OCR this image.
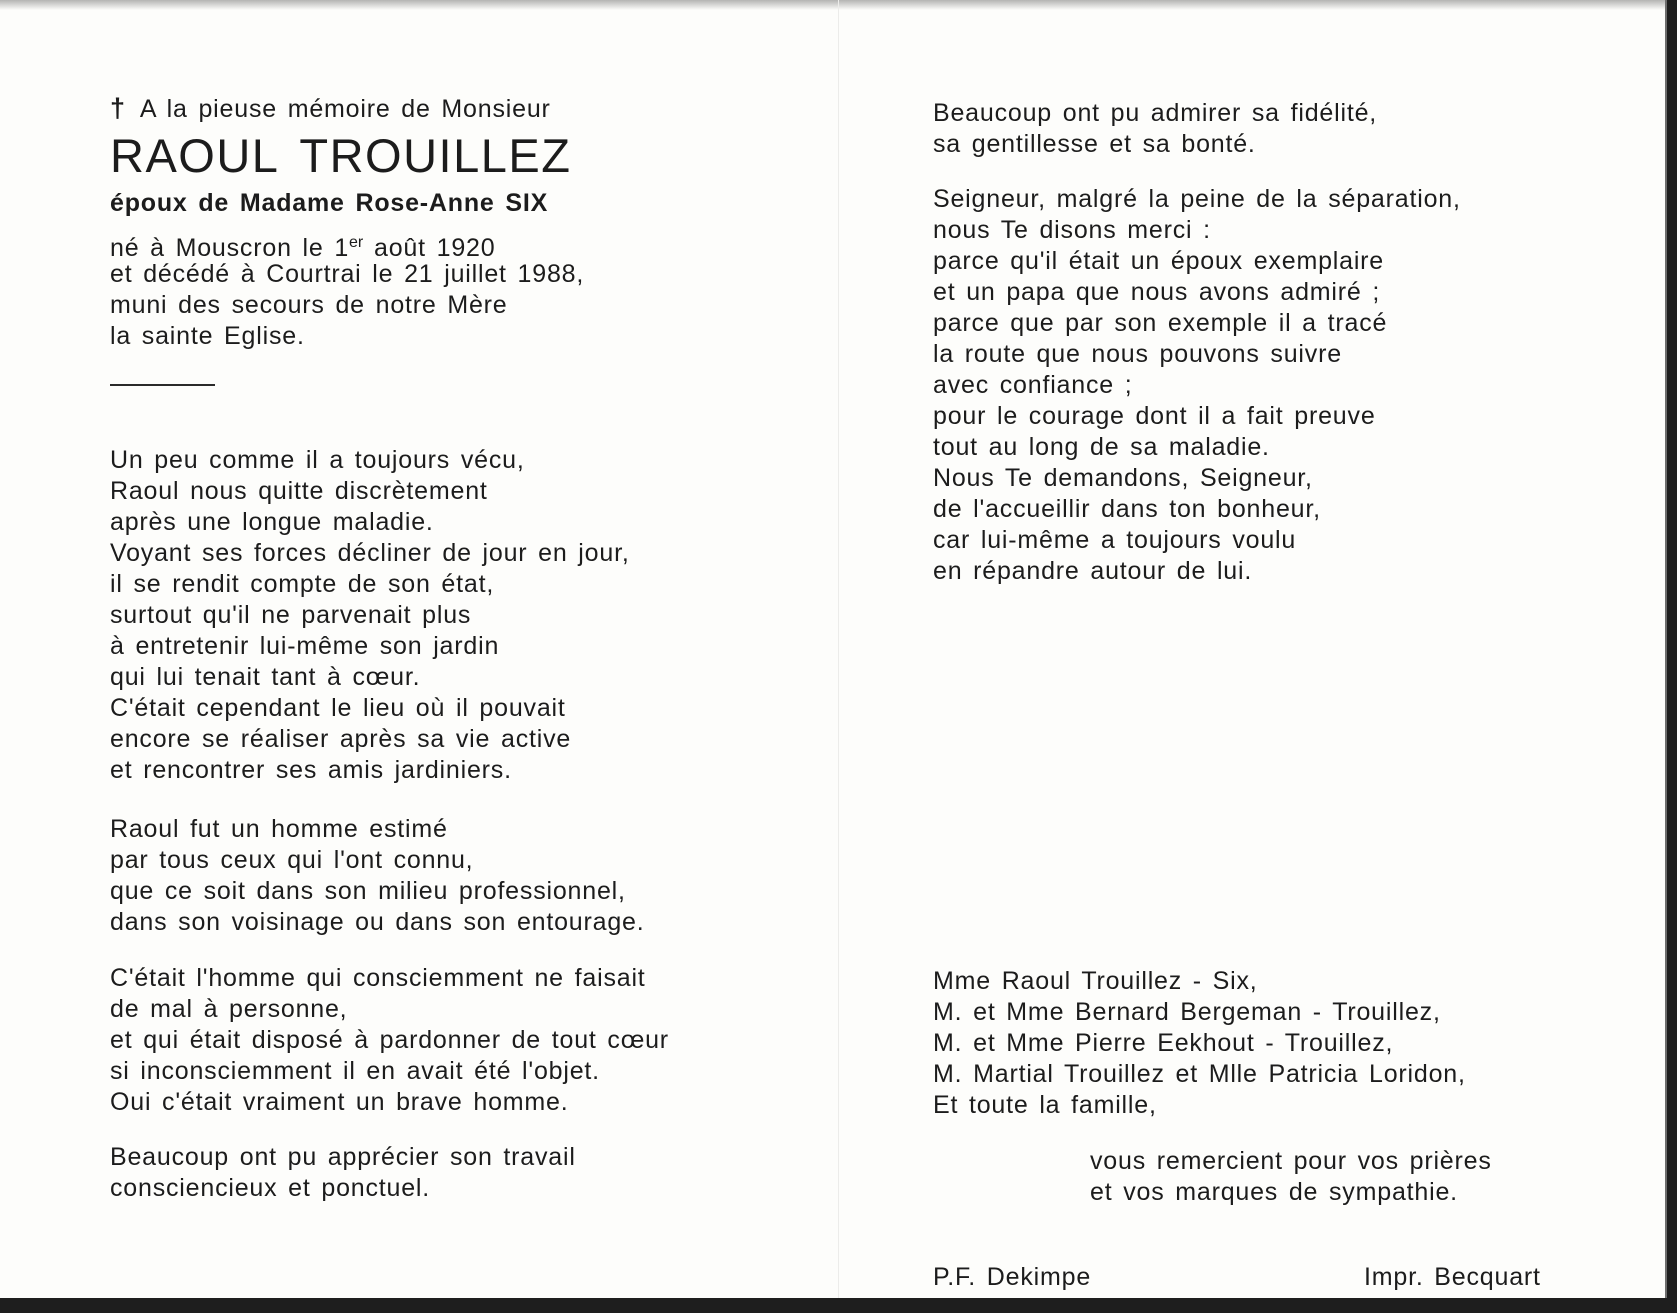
† A la pieuse mémoire de Monsieur
RAOUL TROUILLEZ
époux de Madame Rose-Anne SIX
né à Mouscron le 1er août 1920
et décédé à Courtrai le 21 juillet 1988,
muni des secours de notre Mère
la sainte Eglise.
Un peu comme il a toujours vécu,
Raoul nous quitte discrètement
après une longue maladie.
Voyant ses forces décliner de jour en jour,
il se rendit compte de son état,
surtout qu'il ne parvenait plus
à entretenir lui-même son jardin
qui lui tenait tant à cœur.
C'était cependant le lieu où il pouvait
encore se réaliser après sa vie active
et rencontrer ses amis jardiniers.
Raoul fut un homme estimé
par tous ceux qui l'ont connu,
que ce soit dans son milieu professionnel,
dans son voisinage ou dans son entourage.
C'était l'homme qui consciemment ne faisait
de mal à personne,
et qui était disposé à pardonner de tout cœur
si inconsciemment il en avait été l'objet.
Oui c'était vraiment un brave homme.
Beaucoup ont pu apprécier son travail
consciencieux et ponctuel.
Beaucoup ont pu admirer sa fidélité,
sa gentillesse et sa bonté.
Seigneur, malgré la peine de la séparation,
nous Te disons merci :
parce qu'il était un époux exemplaire
et un papa que nous avons admiré ;
parce que par son exemple il a tracé
la route que nous pouvons suivre
avec confiance ;
pour le courage dont il a fait preuve
tout au long de sa maladie.
Nous Te demandons, Seigneur,
de l'accueillir dans ton bonheur,
car lui-même a toujours voulu
en répandre autour de lui.
Mme Raoul Trouillez - Six,
M. et Mme Bernard Bergeman - Trouillez,
M. et Mme Pierre Eekhout - Trouillez,
M. Martial Trouillez et Mlle Patricia Loridon,
Et toute la famille,
vous remercient pour vos prières
et vos marques de sympathie.
P.F. Dekimpe	Impr. Becquart
